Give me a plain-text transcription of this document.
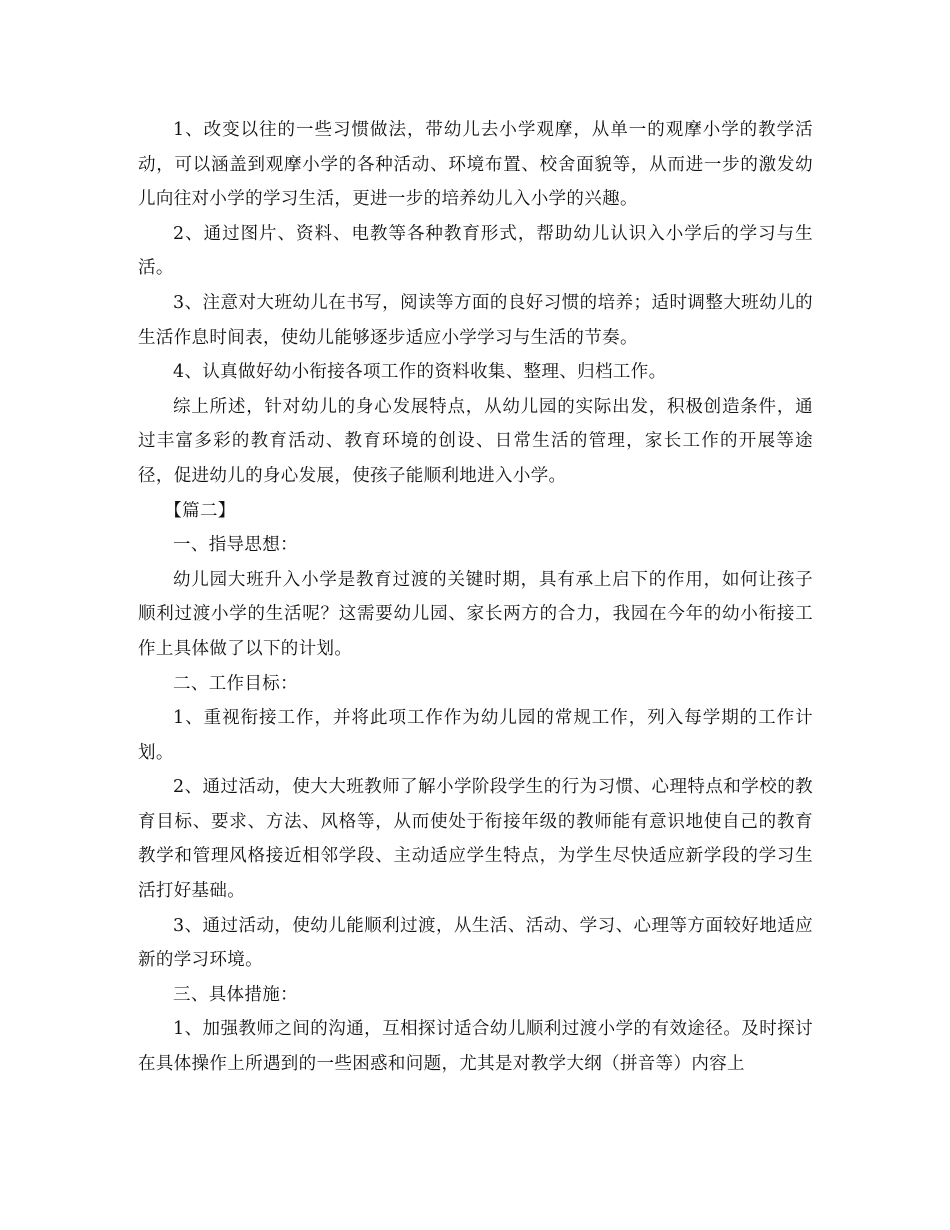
1、改变以往的一些习惯做法，带幼儿去小学观摩，从单一的观摩小学的教学活动，可以涵盖到观摩小学的各种活动、环境布置、校舍面貌等，从而进一步的激发幼儿向往对小学的学习生活，更进一步的培养幼儿入小学的兴趣。

2、通过图片、资料、电教等各种教育形式，帮助幼儿认识入小学后的学习与生活。

3、注意对大班幼儿在书写，阅读等方面的良好习惯的培养；适时调整大班幼儿的生活作息时间表，使幼儿能够逐步适应小学学习与生活的节奏。

4、认真做好幼小衔接各项工作的资料收集、整理、归档工作。

综上所述，针对幼儿的身心发展特点，从幼儿园的实际出发，积极创造条件，通过丰富多彩的教育活动、教育环境的创设、日常生活的管理，家长工作的开展等途径，促进幼儿的身心发展，使孩子能顺利地进入小学。

【篇二】

一、指导思想：

幼儿园大班升入小学是教育过渡的关键时期，具有承上启下的作用，如何让孩子顺利过渡小学的生活呢？这需要幼儿园、家长两方的合力，我园在今年的幼小衔接工作上具体做了以下的计划。

二、工作目标：

1、重视衔接工作，并将此项工作作为幼儿园的常规工作，列入每学期的工作计划。

2、通过活动，使大大班教师了解小学阶段学生的行为习惯、心理特点和学校的教育目标、要求、方法、风格等，从而使处于衔接年级的教师能有意识地使自己的教育教学和管理风格接近相邻学段、主动适应学生特点，为学生尽快适应新学段的学习生活打好基础。

3、通过活动，使幼儿能顺利过渡，从生活、活动、学习、心理等方面较好地适应新的学习环境。

三、具体措施：

1、加强教师之间的沟通，互相探讨适合幼儿顺利过渡小学的有效途径。及时探讨在具体操作上所遇到的一些困惑和问题，尤其是对教学大纲（拼音等）内容上
